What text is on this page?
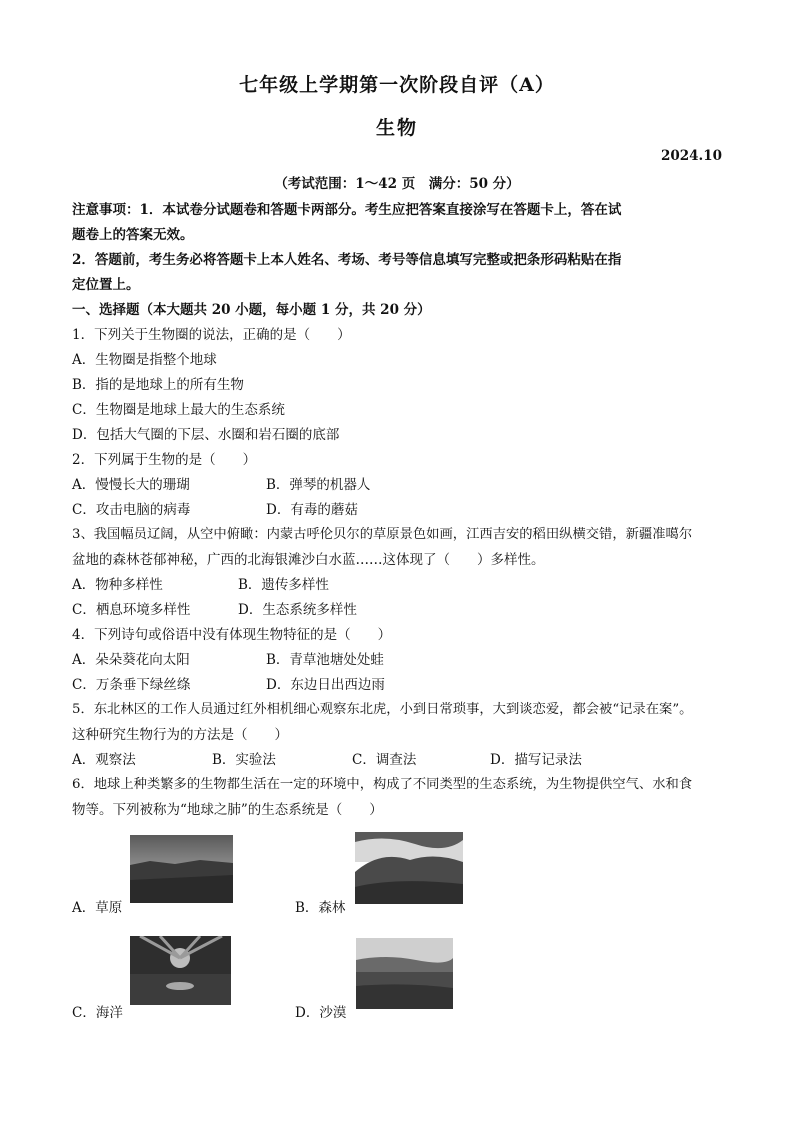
七年级上学期第一次阶段自评（A）
生物
2024.10
（考试范围：1～42 页　满分：50 分）
注意事项：1．本试卷分试题卷和答题卡两部分。考生应把答案直接涂写在答题卡上，答在试
题卷上的答案无效。
2．答题前，考生务必将答题卡上本人姓名、考场、考号等信息填写完整或把条形码粘贴在指
定位置上。
一、选择题（本大题共 20 小题，每小题 1 分，共 20 分）
1．下列关于生物圈的说法，正确的是（　　）
A．生物圈是指整个地球
B．指的是地球上的所有生物
C．生物圈是地球上最大的生态系统
D．包括大气圈的下层、水圈和岩石圈的底部
2．下列属于生物的是（　　）
A．慢慢长大的珊瑚	B．弹琴的机器人
C．攻击电脑的病毒	D．有毒的蘑菇
3、我国幅员辽阔，从空中俯瞰：内蒙古呼伦贝尔的草原景色如画，江西吉安的稻田纵横交错，新疆准噶尔
盆地的森林苍郁神秘，广西的北海银滩沙白水蓝……这体现了（　　）多样性。
A．物种多样性	B．遗传多样性
C．栖息环境多样性	D．生态系统多样性
4．下列诗句或俗语中没有体现生物特征的是（　　）
A．朵朵葵花向太阳	B．青草池塘处处蛙
C．万条垂下绿丝绦	D．东边日出西边雨
5．东北林区的工作人员通过红外相机细心观察东北虎，小到日常琐事，大到谈恋爱，都会被“记录在案”。
这种研究生物行为的方法是（　　）
A．观察法	B．实验法	C．调查法	D．描写记录法
6．地球上种类繁多的生物都生活在一定的环境中，构成了不同类型的生态系统，为生物提供空气、水和食
物等。下列被称为“地球之肺”的生态系统是（　　）
A．草原	B．森林
C．海洋	D．沙漠
